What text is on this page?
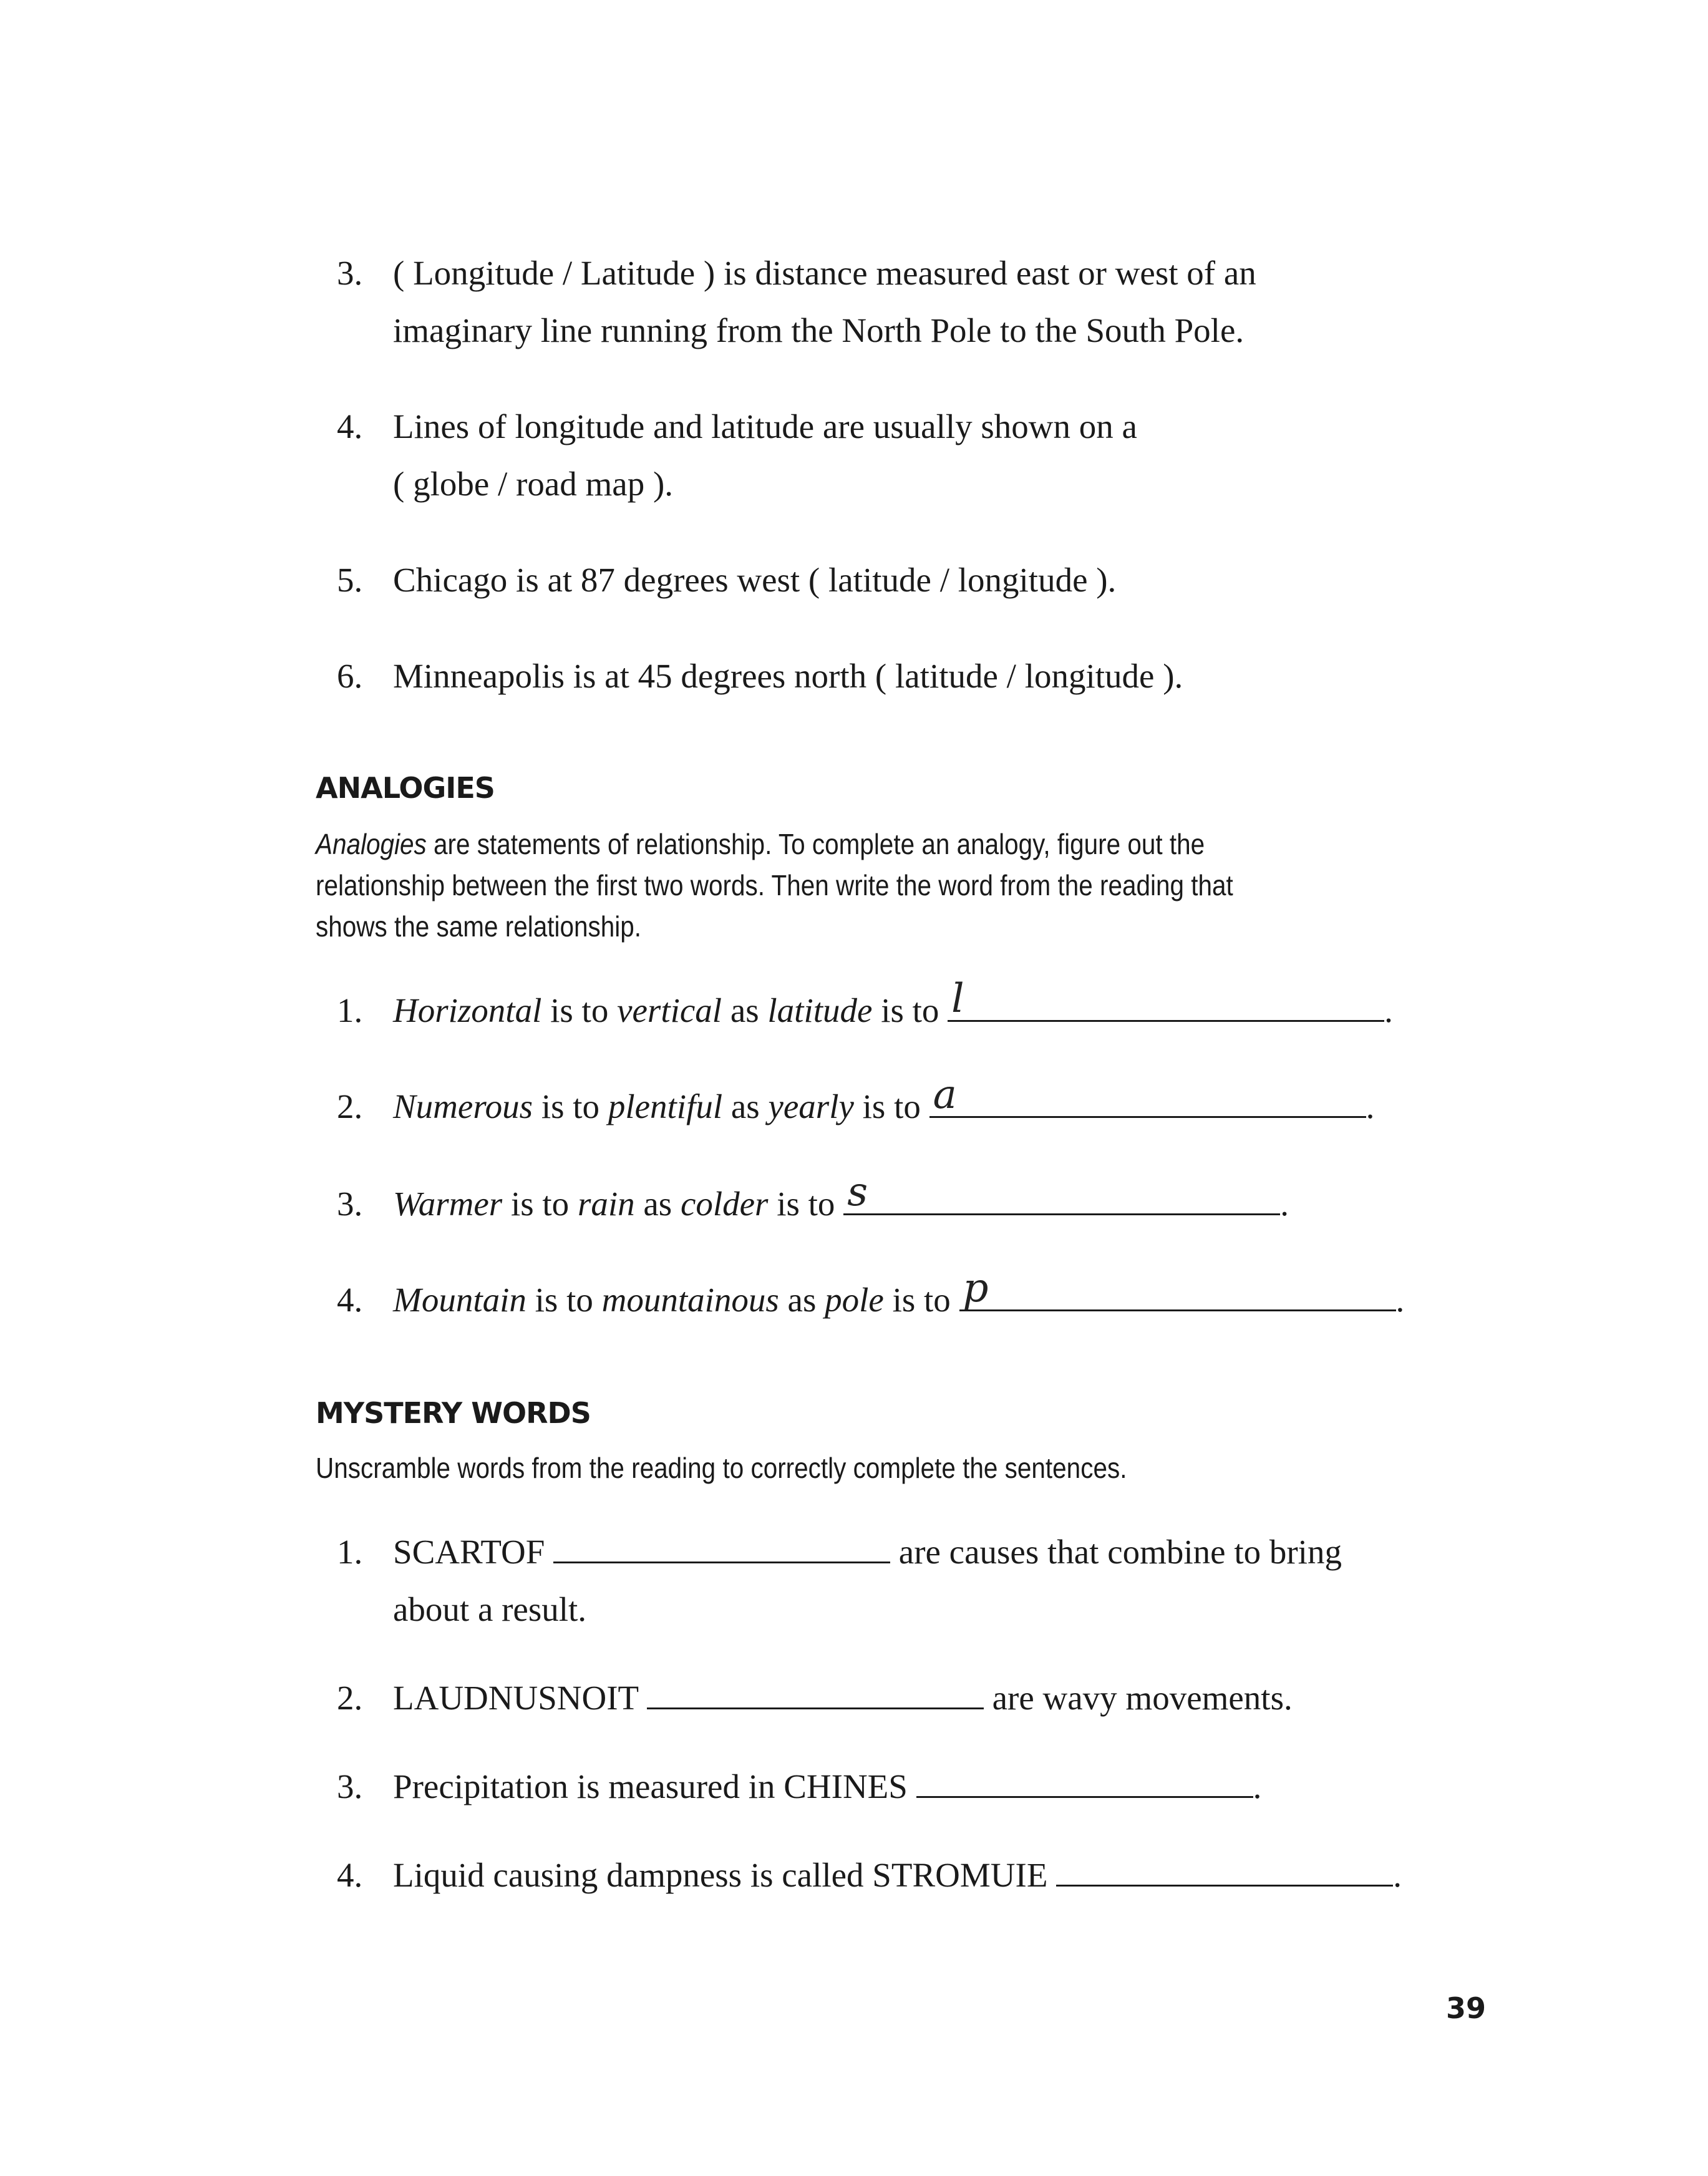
3. ( Longitude / Latitude ) is distance measured east or west of an
imaginary line running from the North Pole to the South Pole.
4. Lines of longitude and latitude are usually shown on a
( globe / road map ).
5. Chicago is at 87 degrees west ( latitude / longitude ).
6. Minneapolis is at 45 degrees north ( latitude / longitude ).
ANALOGIES
Analogies are statements of relationship. To complete an analogy, figure out the relationship between the first two words. Then write the word from the reading that shows the same relationship.
1. Horizontal is to vertical as latitude is to l	.
2. Numerous is to plentiful as yearly is to a	.
3. Warmer is to rain as colder is to s	.
4. Mountain is to mountainous as pole is to p	.
MYSTERY WORDS
Unscramble words from the reading to correctly complete the sentences.
1. SCARTOF	are causes that combine to bring
about a result.
2. LAUDNUSNOIT	are wavy movements.
3. Precipitation is measured in CHINES	.
4. Liquid causing dampness is called STROMUIE	.
39
